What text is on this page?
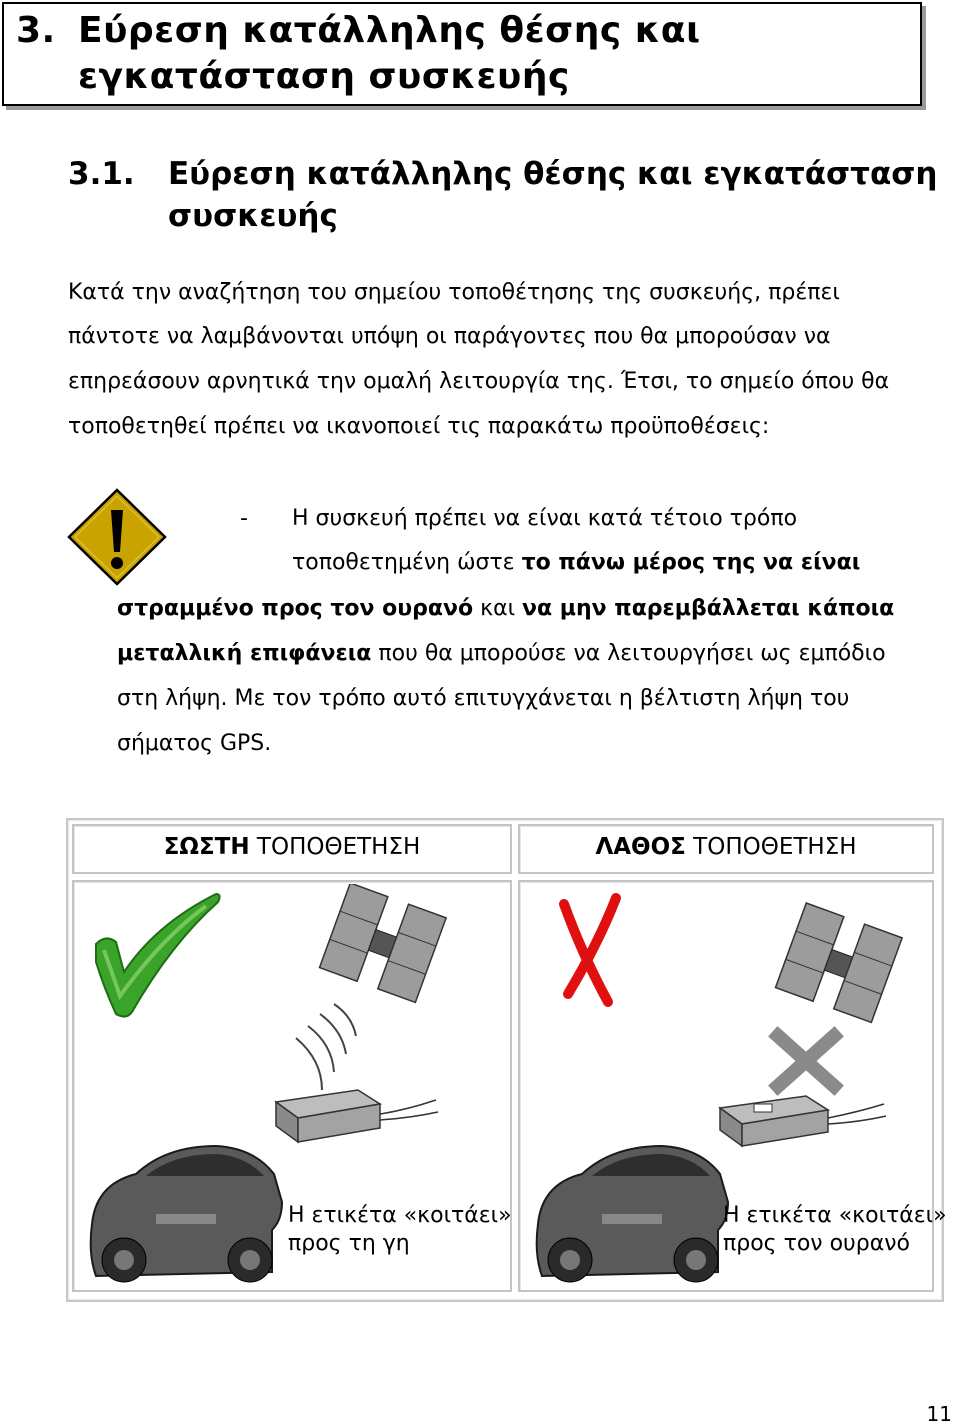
3. Εύρεση κατάλληλης θέσης και
εγκατάσταση συσκευής
3.1. Εύρεση κατάλληλης θέσης και εγκατάσταση
συσκευής
Κατά την αναζήτηση του σημείου τοποθέτησης της συσκευής, πρέπει
πάντοτε να λαμβάνονται υπόψη οι παράγοντες που θα μπορούσαν να
επηρεάσουν αρνητικά την ομαλή λειτουργία της. Έτσι, το σημείο όπου θα
τοποθετηθεί πρέπει να ικανοποιεί τις παρακάτω προϋποθέσεις:
- Η συσκευή πρέπει να είναι κατά τέτοιο τρόπο
τοποθετημένη ώστε το πάνω μέρος της να είναι
στραμμένο προς τον ουρανό και να μην παρεμβάλλεται κάποια
μεταλλική επιφάνεια που θα μπορούσε να λειτουργήσει ως εμπόδιο
στη λήψη. Με τον τρόπο αυτό επιτυγχάνεται η βέλτιστη λήψη του
σήματος GPS.
ΣΩΣΤΗ ΤΟΠΟΘΕΤΗΣΗ	ΛΑΘΟΣ ΤΟΠΟΘΕΤΗΣΗ
Η ετικέτα «κοιτάει»
προς τη γη
Η ετικέτα «κοιτάει»
προς τον ουρανό
11
